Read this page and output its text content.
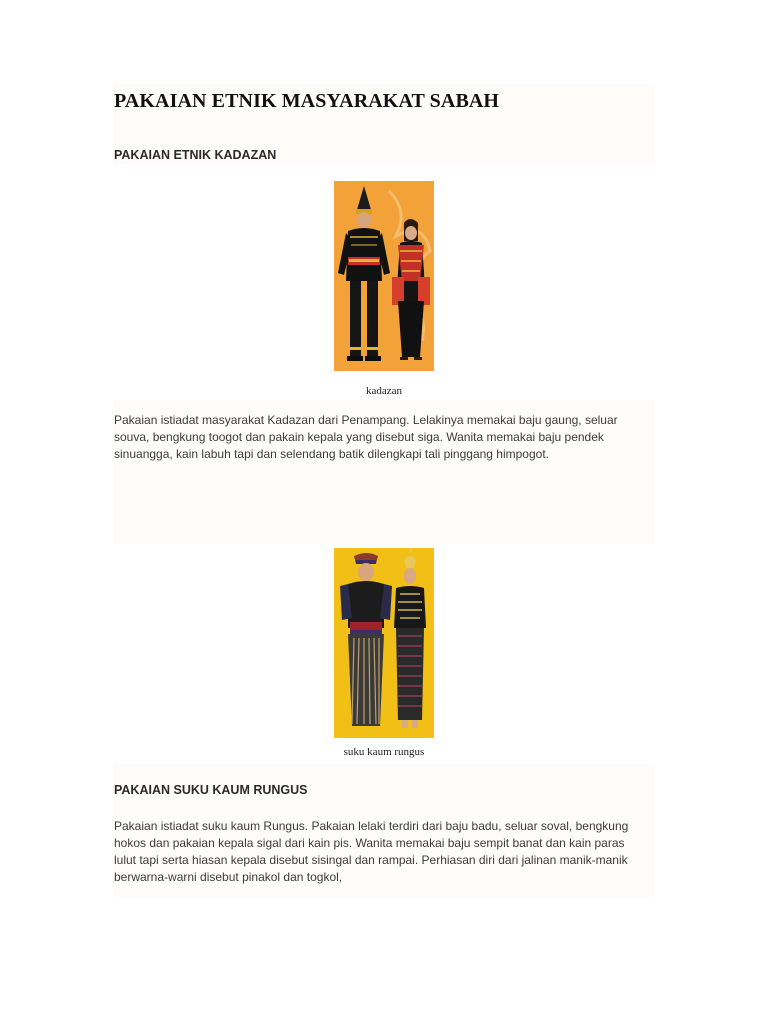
PAKAIAN ETNIK MASYARAKAT SABAH
PAKAIAN ETNIK KADAZAN

kadazan

Pakaian istiadat masyarakat Kadazan dari Penampang. Lelakinya memakai baju gaung, seluar
souva, bengkung toogot dan pakain kepala yang disebut siga. Wanita memakai baju pendek
sinuangga, kain labuh tapi dan selendang batik dilengkapi tali pinggang himpogot.

suku kaum rungus

PAKAIAN SUKU KAUM RUNGUS

Pakaian istiadat suku kaum Rungus. Pakaian lelaki terdiri dari baju badu, seluar soval, bengkung
hokos dan pakaian kepala sigal dari kain pis. Wanita memakai baju sempit banat dan kain paras
lulut tapi serta hiasan kepala disebut sisingal dan rampai. Perhiasan diri dari jalinan manik-manik
berwarna-warni disebut pinakol dan togkol,
